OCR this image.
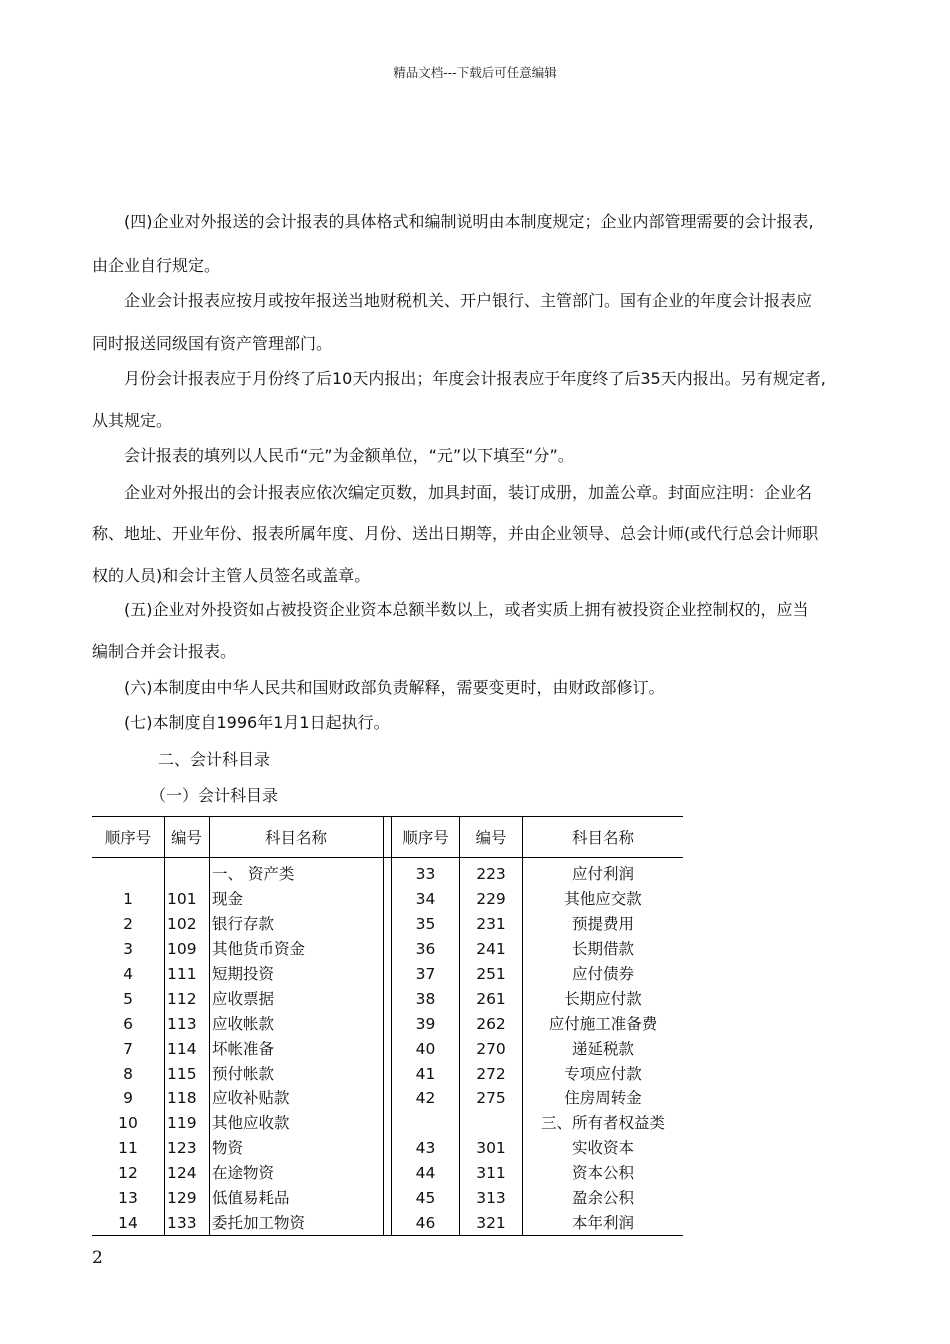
精品文档---下载后可任意编辑
(四)企业对外报送的会计报表的具体格式和编制说明由本制度规定；企业内部管理需要的会计报表,
由企业自行规定。
企业会计报表应按月或按年报送当地财税机关、开户银行、主管部门。国有企业的年度会计报表应
同时报送同级国有资产管理部门。
月份会计报表应于月份终了后10天内报出；年度会计报表应于年度终了后35天内报出。另有规定者,
从其规定。
会计报表的填列以人民币“元”为金额单位，“元”以下填至“分”。
企业对外报出的会计报表应依次编定页数，加具封面，装订成册，加盖公章。封面应注明：企业名
称、地址、开业年份、报表所属年度、月份、送出日期等，并由企业领导、总会计师(或代行总会计师职
权的人员)和会计主管人员签名或盖章。
(五)企业对外投资如占被投资企业资本总额半数以上，或者实质上拥有被投资企业控制权的，应当
编制合并会计报表。
(六)本制度由中华人民共和国财政部负责解释，需要变更时，由财政部修订。
(七)本制度自1996年1月1日起执行。
二、会计科目录
（一）会计科目录
顺序号	编号	科目名称		顺序号	编号	科目名称
		一、 资产类		33	223	应付利润
1	101	现金		34	229	其他应交款
2	102	银行存款		35	231	预提费用
3	109	其他货币资金		36	241	长期借款
4	111	短期投资		37	251	应付债券
5	112	应收票据		38	261	长期应付款
6	113	应收帐款		39	262	应付施工准备费
7	114	坏帐准备		40	270	递延税款
8	115	预付帐款		41	272	专项应付款
9	118	应收补贴款		42	275	住房周转金
10	119	其他应收款				三、所有者权益类
11	123	物资		43	301	实收资本
12	124	在途物资		44	311	资本公积
13	129	低值易耗品		45	313	盈余公积
14	133	委托加工物资		46	321	本年利润
2
